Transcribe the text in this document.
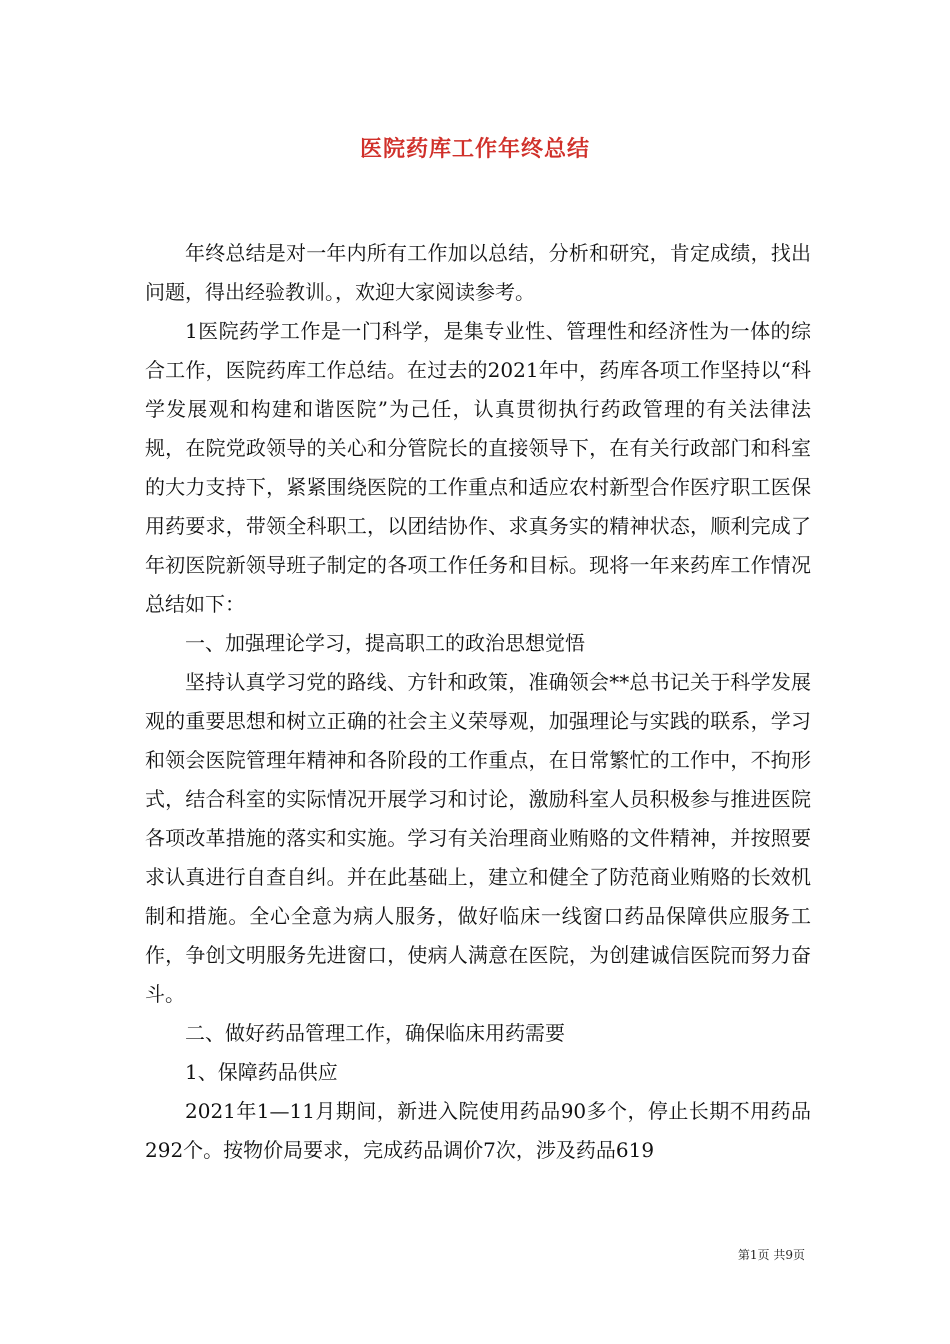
医院药库工作年终总结

年终总结是对一年内所有工作加以总结，分析和研究，肯定成绩，找出问题，得出经验教训。，欢迎大家阅读参考。

1医院药学工作是一门科学，是集专业性、管理性和经济性为一体的综合工作，医院药库工作总结。在过去的2021年中，药库各项工作坚持以“科学发展观和构建和谐医院”为己任，认真贯彻执行药政管理的有关法律法规，在院党政领导的关心和分管院长的直接领导下，在有关行政部门和科室的大力支持下，紧紧围绕医院的工作重点和适应农村新型合作医疗职工医保用药要求，带领全科职工，以团结协作、求真务实的精神状态，顺利完成了年初医院新领导班子制定的各项工作任务和目标。现将一年来药库工作情况总结如下：

一、加强理论学习，提高职工的政治思想觉悟

坚持认真学习党的路线、方针和政策，准确领会**总书记关于科学发展观的重要思想和树立正确的社会主义荣辱观，加强理论与实践的联系，学习和领会医院管理年精神和各阶段的工作重点，在日常繁忙的工作中，不拘形式，结合科室的实际情况开展学习和讨论，激励科室人员积极参与推进医院各项改革措施的落实和实施。学习有关治理商业贿赂的文件精神，并按照要求认真进行自查自纠。并在此基础上，建立和健全了防范商业贿赂的长效机制和措施。全心全意为病人服务，做好临床一线窗口药品保障供应服务工作，争创文明服务先进窗口，使病人满意在医院，为创建诚信医院而努力奋斗。

二、做好药品管理工作，确保临床用药需要

1、保障药品供应

2021年1—11月期间，新进入院使用药品90多个，停止长期不用药品292个。按物价局要求，完成药品调价7次，涉及药品619

第1页 共9页
